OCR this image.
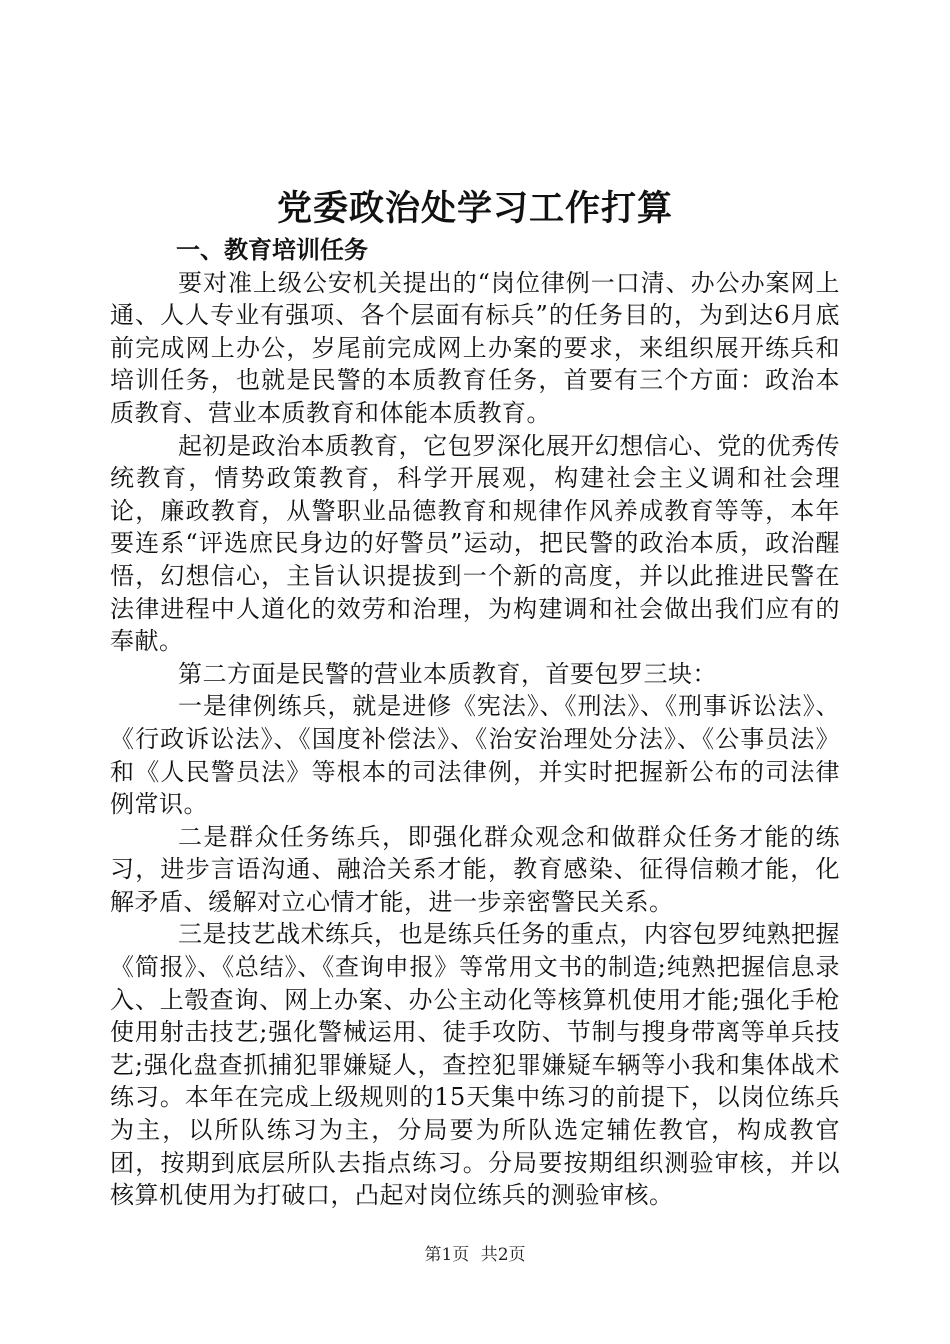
党委政治处学习工作打算

一、教育培训任务

要对准上级公安机关提出的“岗位律例一口清、办公办案网上通、人人专业有强项、各个层面有标兵”的任务目的，为到达6月底前完成网上办公，岁尾前完成网上办案的要求，来组织展开练兵和培训任务，也就是民警的本质教育任务，首要有三个方面：政治本质教育、营业本质教育和体能本质教育。

起初是政治本质教育，它包罗深化展开幻想信心、党的优秀传统教育，情势政策教育，科学开展观，构建社会主义调和社会理论，廉政教育，从警职业品德教育和规律作风养成教育等等，本年要连系“评选庶民身边的好警员”运动，把民警的政治本质，政治醒悟，幻想信心，主旨认识提拔到一个新的高度，并以此推进民警在法律进程中人道化的效劳和治理，为构建调和社会做出我们应有的奉献。

第二方面是民警的营业本质教育，首要包罗三块：

一是律例练兵，就是进修《宪法》、《刑法》、《刑事诉讼法》、《行政诉讼法》、《国度补偿法》、《治安治理处分法》、《公事员法》和《人民警员法》等根本的司法律例，并实时把握新公布的司法律例常识。

二是群众任务练兵，即强化群众观念和做群众任务才能的练习，进步言语沟通、融洽关系才能，教育感染、征得信赖才能，化解矛盾、缓解对立心情才能，进一步亲密警民关系。

三是技艺战术练兵，也是练兵任务的重点，内容包罗纯熟把握《简报》、《总结》、《查询申报》等常用文书的制造;纯熟把握信息录入、上彀查询、网上办案、办公主动化等核算机使用才能;强化手枪使用射击技艺;强化警械运用、徒手攻防、节制与搜身带离等单兵技艺;强化盘查抓捕犯罪嫌疑人，查控犯罪嫌疑车辆等小我和集体战术练习。本年在完成上级规则的15天集中练习的前提下，以岗位练兵为主，以所队练习为主，分局要为所队选定辅佐教官，构成教官团，按期到底层所队去指点练习。分局要按期组织测验审核，并以核算机使用为打破口，凸起对岗位练兵的测验审核。

第1页 共2页
